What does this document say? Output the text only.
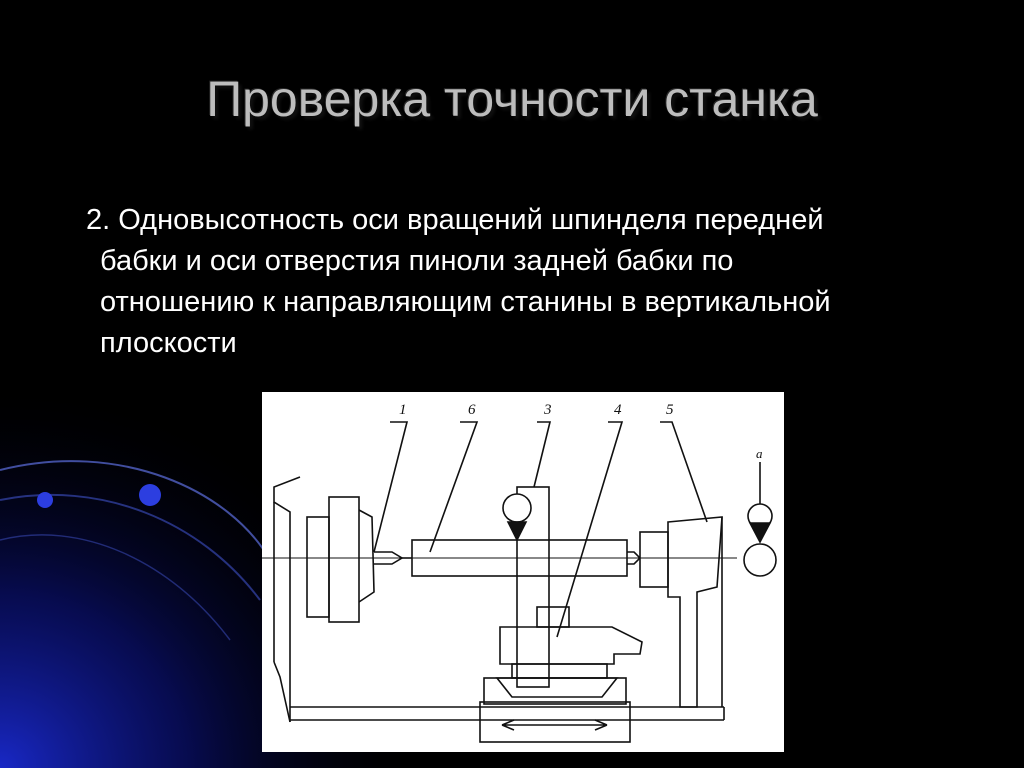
Проверка точности станка
2. Одновысотность оси вращений шпинделя передней
бабки и оси отверстия пиноли задней бабки по
отношению к направляющим станины в вертикальной
плоскости
1	6	3	4	5
a
